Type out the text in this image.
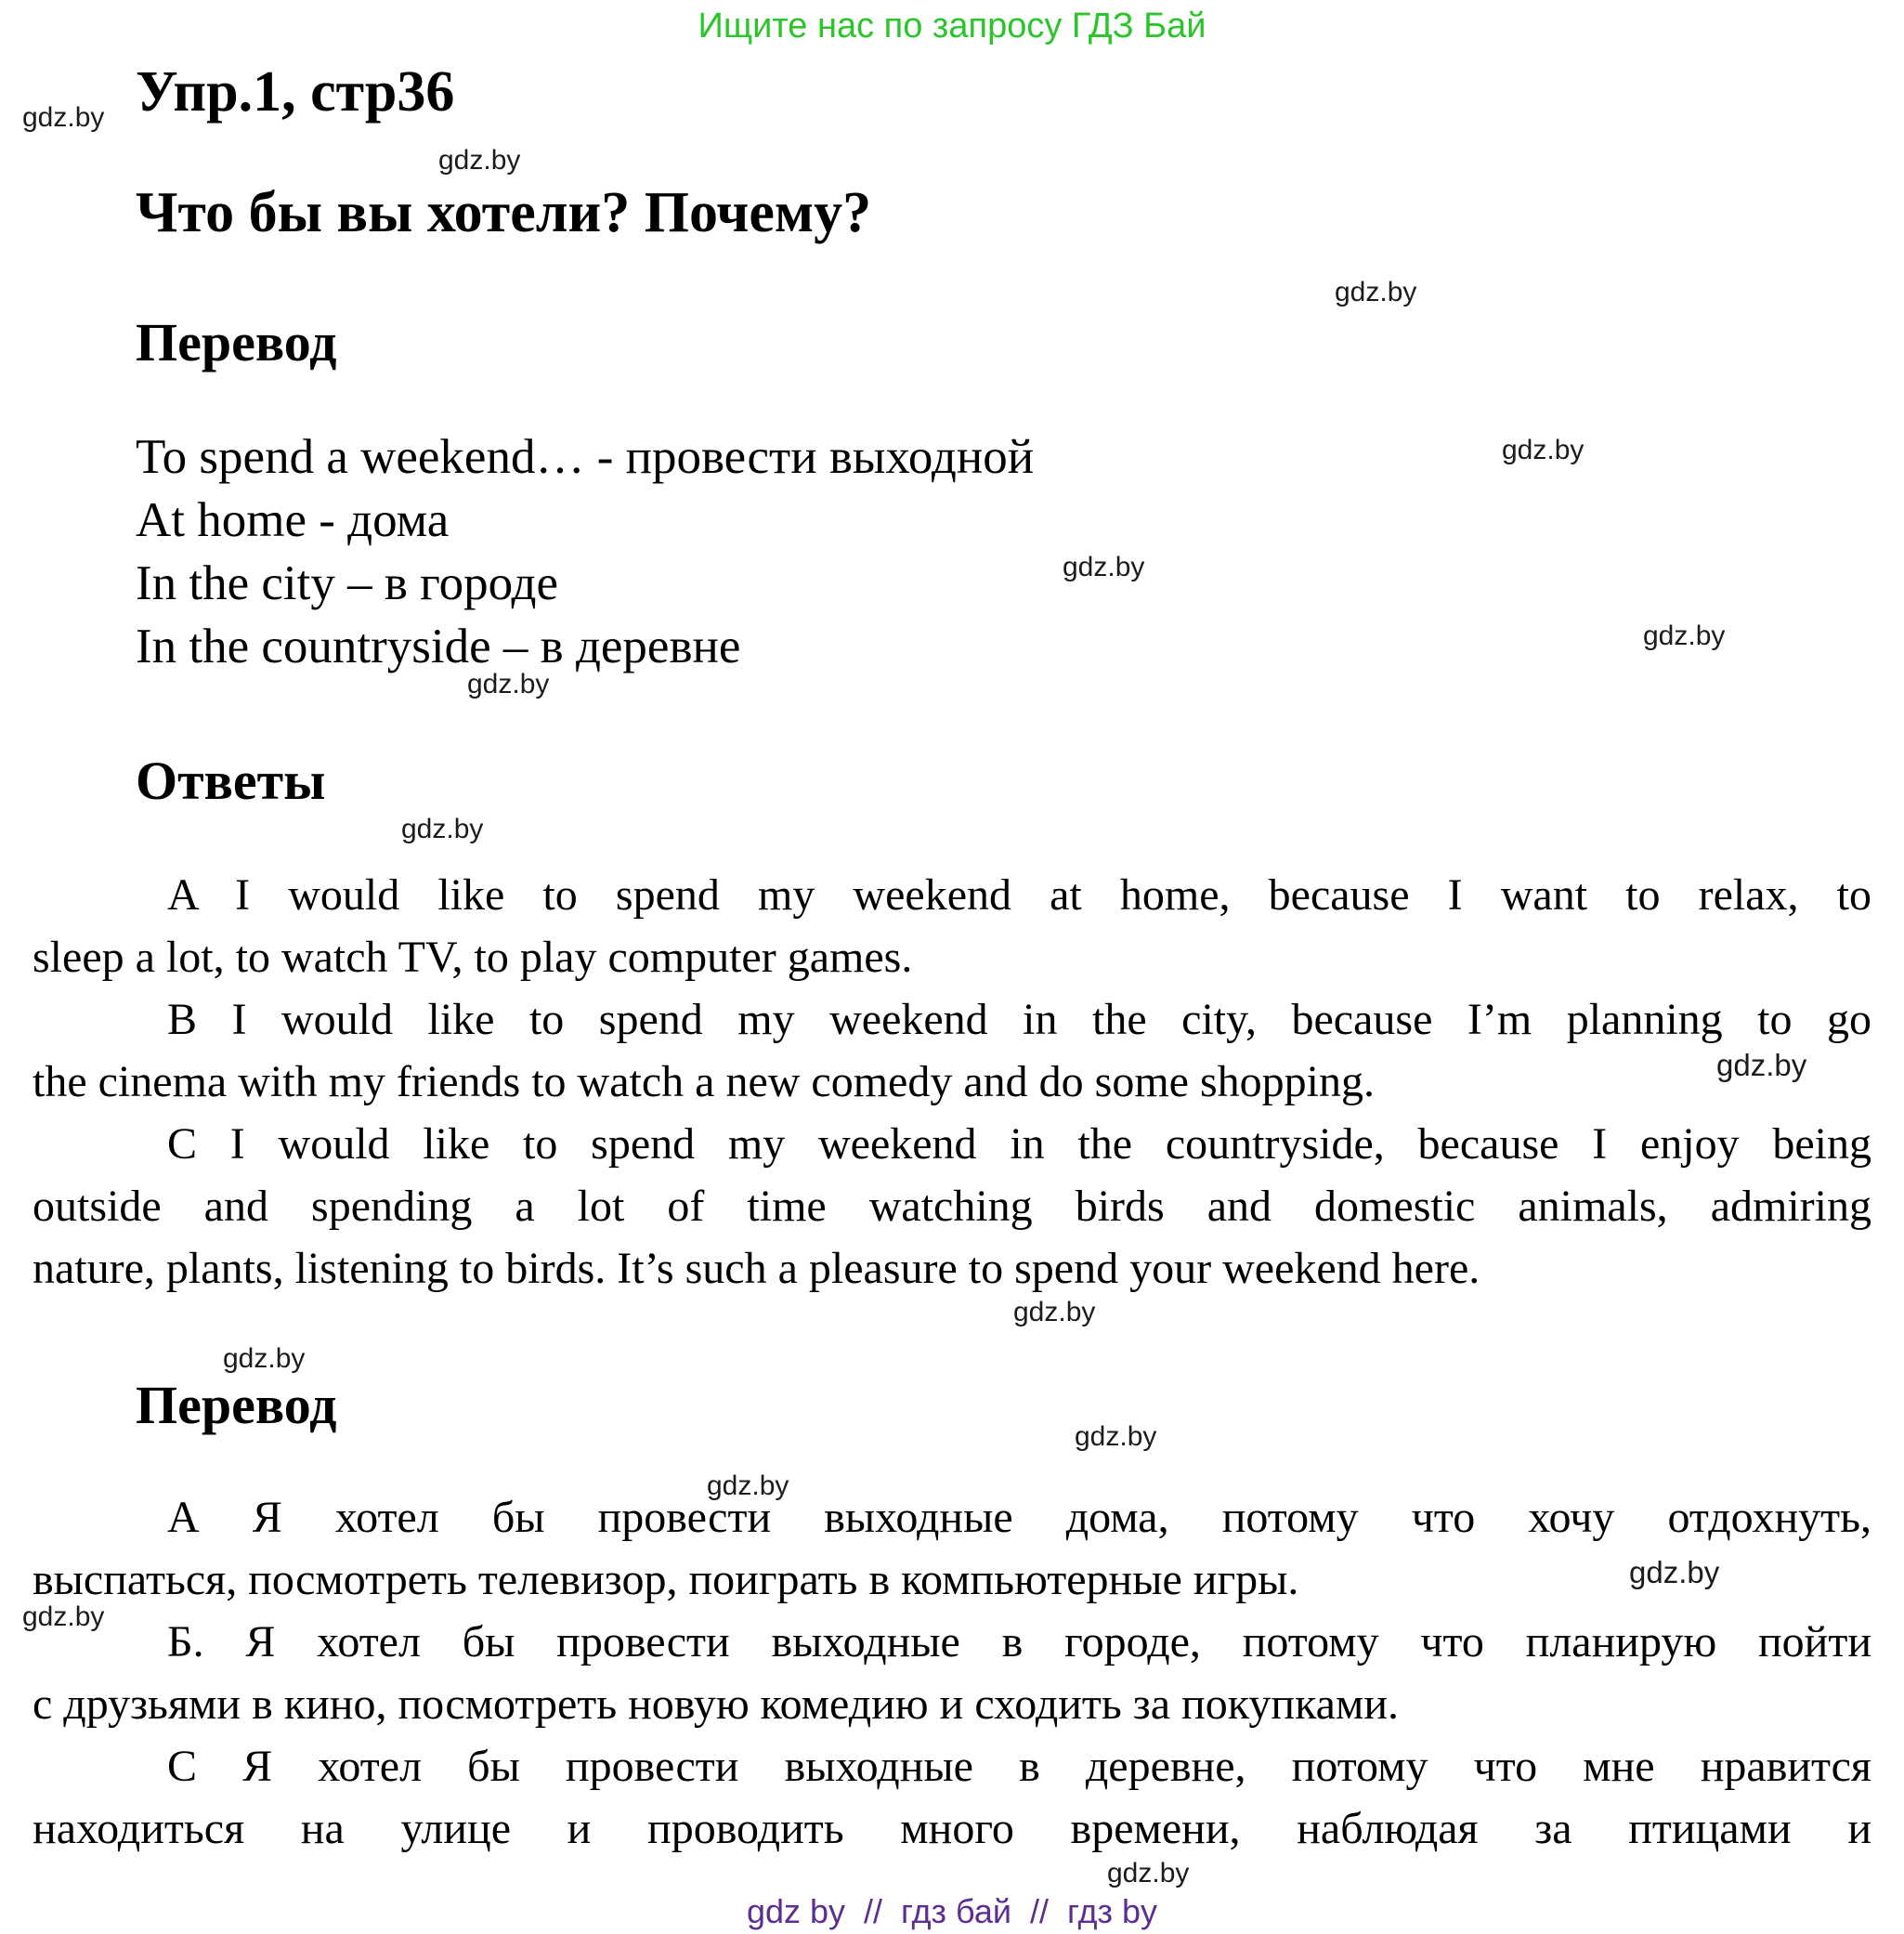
Ищите нас по запросу ГДЗ Бай
Упр.1, стр36
Что бы вы хотели? Почему?
Перевод
To spend a weekend… - провести выходной
At home - дома
In the city – в городе
In the countryside – в деревне
Ответы
A I would like to spend my weekend at home, because I want to relax, to
sleep a lot, to watch TV, to play computer games.
B I would like to spend my weekend in the city, because I’m planning to go
the cinema with my friends to watch a new comedy and do some shopping.
C I would like to spend my weekend in the countryside, because I enjoy being
outside and spending a lot of time watching birds and domestic animals, admiring
nature, plants, listening to birds. It’s such a pleasure to spend your weekend here.
Перевод
А Я хотел бы провести выходные дома, потому что хочу отдохнуть,
выспаться, посмотреть телевизор, поиграть в компьютерные игры.
Б. Я хотел бы провести выходные в городе, потому что планирую пойти
с друзьями в кино, посмотреть новую комедию и сходить за покупками.
С Я хотел бы провести выходные в деревне, потому что мне нравится
находиться на улице и проводить много времени, наблюдая за птицами и
gdz.by
gdz.by
gdz.by
gdz.by
gdz.by
gdz.by
gdz.by
gdz.by
gdz.by
gdz.by
gdz.by
gdz.by
gdz.by
gdz.by
gdz.by
gdz.by
gdz by  //  гдз бай  //  гдз by
